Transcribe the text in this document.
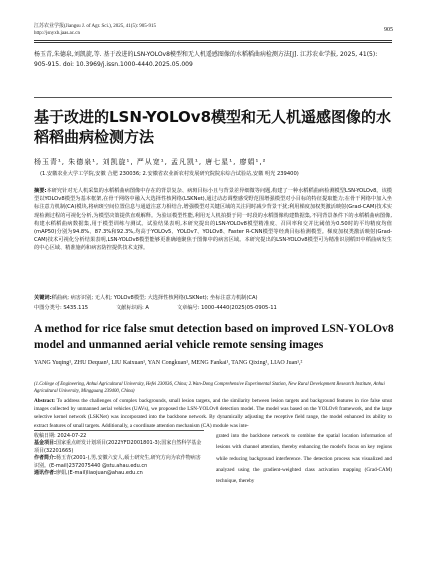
江苏农业学报(Jiangsu J. of Agr. Sci.), 2025, 41(5): 905-915
http://jsnyxb.jaas.ac.cn	905
杨玉青,朱德泉,刘凯旋,等. 基于改进的LSN-YOLOv8模型和无人机遥感图像的水稻稻曲病检测方法[J]. 江苏农业学报, 2025, 41(5): 905-915. doi: 10.3969/j.issn.1000-4440.2025.05.009
基于改进的LSN-YOLOv8模型和无人机遥感图像的水稻稻曲病检测方法
杨玉青¹, 朱德泉¹, 刘凯旋¹, 严从宽¹, 孟凡凯¹, 唐七星¹, 廖娟¹,²
(1.安徽农业大学工学院,安徽 合肥 230036; 2.安徽省农业新农村发展研究院院东综合试验站,安徽 明光 239400)
摘要:本研究针对无人机采集的水稻稻曲病图像中存在的背景复杂、病斑目标小且与背景差异细微等问题,构建了一种水稻稻曲病检测模型LSN-YOLOv8。该模型以YOLOv8模型为基本框架,在骨干网络中融入大选择性核网络(LSKNet),通过动态调整感受野范围增强模型对小目标的特征提取能力;在骨干网络中加入坐标注意力机制(CA)模块,将病斑空间位置信息与通道注意力相结合,增强模型对关键区域的关注同时减少背景干扰;利用梯度加权类激活映射(Grad-CAM)技术实现检测过程的可视化分析,为模型决策提供直观解释。为验证模型性能,利用无人机拍摄于同一时段的水稻图像构建数据集,不同背景条件下的水稻稻曲病图像,构建水稻稻曲病数据集,用于模型训练与测试。试验结果表明,本研究提出的LSN-YOLOv8模型精准度、召回率和交并比阈值为0.50时的平均精度均值(mAP50)分别为94.8%、87.3%和92.3%,均高于YOLOv5、YOLOv7、YOLOv8、Faster R-CNN模型等经典目标检测模型。梯度加权类激活映射(Grad-CAM)技术可视化分析结果表明,LSN-YOLOv8模型能够更准确地聚焦于图像中的病害区域。本研究提出的LSN-YOLOv8模型可为精准识别稻田中稻曲病发生的中心区域、精准施药和病害防控提供技术支撑。
关键词:稻曲病; 病害识别; 无人机; YOLOv8模型; 大选择性核网络(LSKNet); 坐标注意力机制(CA)
中图分类号: S435.115	文献标识码: A	文章编号: 1000-4440(2025)05-0905-11
A method for rice false smut detection based on improved LSN-YOLOv8 model and unmanned aerial vehicle remote sensing images
YANG Yuqing¹, ZHU Dequan¹, LIU Kaixuan¹, YAN Congkuan¹, MENG Fankai¹, TANG Qixing¹, LIAO Juan¹,²
(1.College of Engineering, Anhui Agricultural University, Hefei 230036, China; 2.Wan-Dong Comprehensive Experimental Station, New Rural Development Research Institute, Anhui Agricultural University, Mingguang 239400, China)
Abstract: To address the challenges of complex backgrounds, small lesion targets, and the similarity between lesion targets and background features in rice false smut images collected by unmanned aerial vehicles (UAVs), we proposed the LSN-YOLOv8 detection model. The model was based on the YOLOv8 framework, and the large selective kernel network (LSKNet) was incorporated into the backbone network. By dynamically adjusting the receptive field range, the model enhanced its ability to extract features of small targets. Additionally, a coordinate attention mechanism (CA) module was inte-
收稿日期: 2024-07-22
基金项目:国家重点研发计划项目(2022YFD2001801-3);国家自然科学基金项目(32201665)
作者简介:杨玉青(2001-),男,安徽六安人,硕士研究生,研究方向为农作物病害识别。(E-mail)2372075440 @stu.ahau.edu.cn
通讯作者:廖娟,(E-mail)liaojuan@ahau.edu.cn
grated into the backbone network to combine the spatial location information of lesions with channel attention, thereby enhancing the model's focus on key regions while reducing background interference. The detection process was visualized and analyzed using the gradient-weighted class activation mapping (Grad-CAM) technique, thereby
